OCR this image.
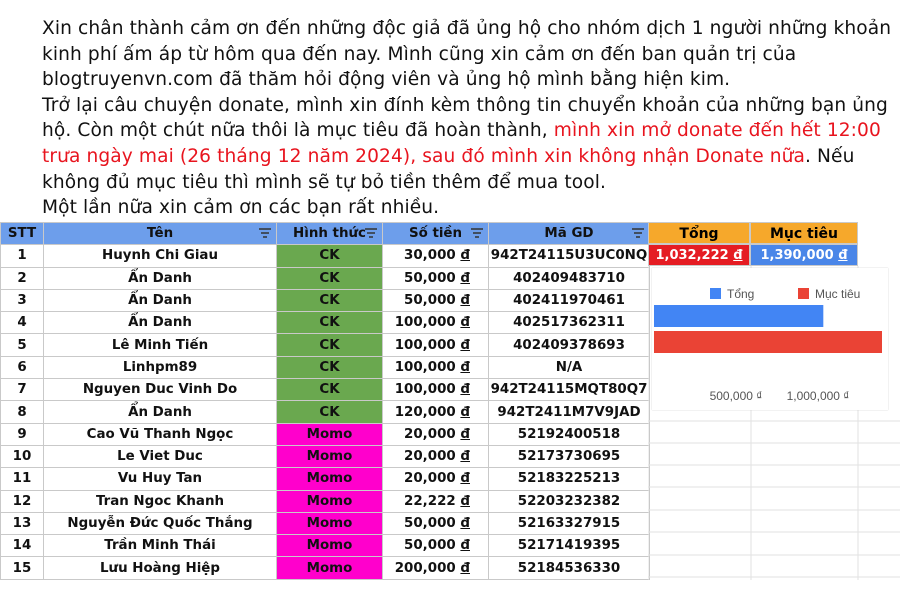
Xin chân thành cảm ơn đến những độc giả đã ủng hộ cho nhóm dịch 1 người những khoản kinh phí ấm áp từ hôm qua đến nay. Mình cũng xin cảm ơn đến ban quản trị của blogtruyenvn.com đã thăm hỏi động viên và ủng hộ mình bằng hiện kim.
Trở lại câu chuyện donate, mình xin đính kèm thông tin chuyển khoản của những bạn ủng hộ. Còn một chút nữa thôi là mục tiêu đã hoàn thành, mình xin mở donate đến hết 12:00 trưa ngày mai (26 tháng 12 năm 2024), sau đó mình xin không nhận Donate nữa. Nếu không đủ mục tiêu thì mình sẽ tự bỏ tiền thêm để mua tool.
Một lần nữa xin cảm ơn các bạn rất nhiều.
STT	Tên	Hình thức	Số tiền	Mã GD

1	Huynh Chi Giau	CK	30,000 đ	942T24115U3UC0NQ
2	Ẩn Danh	CK	50,000 đ	402409483710
3	Ẩn Danh	CK	50,000 đ	402411970461
4	Ẩn Danh	CK	100,000 đ	402517362311
5	Lê Minh Tiến	CK	100,000 đ	402409378693
6	Linhpm89	CK	100,000 đ	N/A
7	Nguyen Duc Vinh Do	CK	100,000 đ	942T24115MQT80Q7
8	Ẩn Danh	CK	120,000 đ	942T2411M7V9JAD
9	Cao Vũ Thanh Ngọc	Momo	20,000 đ	52192400518
10	Le Viet Duc	Momo	20,000 đ	52173730695
11	Vu Huy Tan	Momo	20,000 đ	52183225213
12	Tran Ngoc Khanh	Momo	22,222 đ	52203232382
13	Nguyễn Đức Quốc Thắng	Momo	50,000 đ	52163327915
14	Trần Minh Thái	Momo	50,000 đ	52171419395
15	Lưu Hoàng Hiệp	Momo	200,000 đ	52184536330
Tổng	Mục tiêu
1,032,222 đ	1,390,000 đ
Tổng	Mục tiêu
500,000 ₫ 1,000,000 ₫
